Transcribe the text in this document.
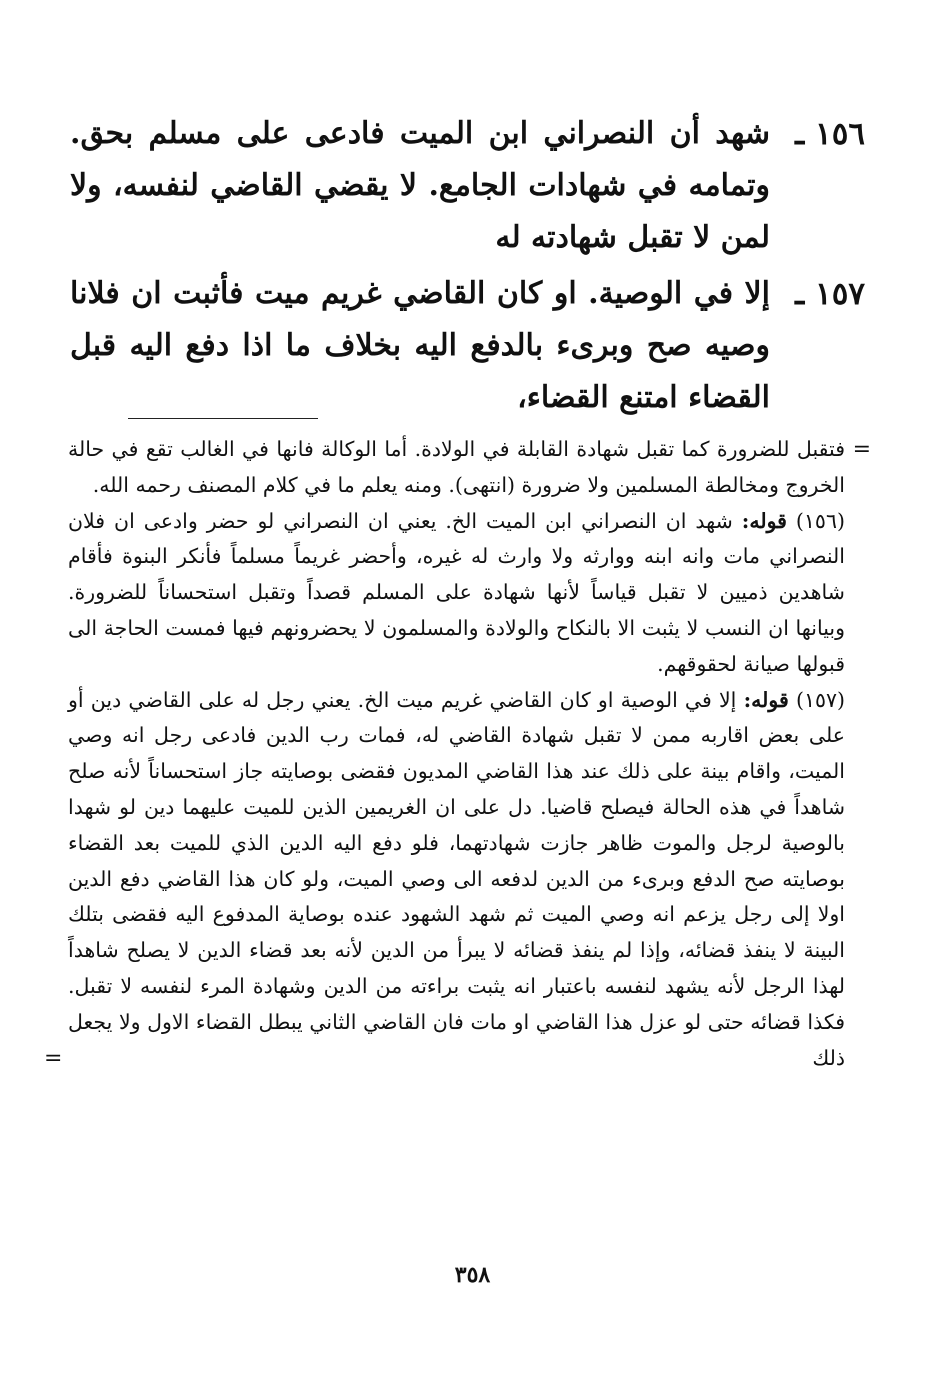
١٥٦ ـ

شهد أن النصراني ابن الميت فادعى على مسلم بحق. وتمامه في شهادات الجامع. لا يقضي القاضي لنفسه، ولا لمن لا تقبل شهادته له

١٥٧ ـ

إلا في الوصية. او كان القاضي غريم ميت فأثبت ان فلانا وصيه صح وبرىء بالدفع اليه بخلاف ما اذا دفع اليه قبل القضاء امتنع القضاء،

=
فتقبل للضرورة كما تقبل شهادة القابلة في الولادة. أما الوكالة فانها في الغالب تقع في حالة الخروج ومخالطة المسلمين ولا ضرورة (انتهى). ومنه يعلم ما في كلام المصنف رحمه الله.

(١٥٦) قوله: شهد ان النصراني ابن الميت الخ. يعني ان النصراني لو حضر وادعى ان فلان النصراني مات وانه ابنه ووارثه ولا وارث له غيره، وأحضر غريماً مسلماً فأنكر البنوة فأقام شاهدين ذميين لا تقبل قياساً لأنها شهادة على المسلم قصداً وتقبل استحساناً للضرورة. وبيانها ان النسب لا يثبت الا بالنكاح والولادة والمسلمون لا يحضرونهم فيها فمست الحاجة الى قبولها صيانة لحقوقهم.

(١٥٧) قوله: إلا في الوصية او كان القاضي غريم ميت الخ. يعني رجل له على القاضي دين أو على بعض اقاربه ممن لا تقبل شهادة القاضي له، فمات رب الدين فادعى رجل انه وصي الميت، واقام بينة على ذلك عند هذا القاضي المديون فقضى بوصايته جاز استحساناً لأنه صلح شاهداً في هذه الحالة فيصلح قاضيا. دل على ان الغريمين الذين للميت عليهما دين لو شهدا بالوصية لرجل والموت ظاهر جازت شهادتهما، فلو دفع اليه الدين الذي للميت بعد القضاء بوصايته صح الدفع وبرىء من الدين لدفعه الى وصي الميت، ولو كان هذا القاضي دفع الدين اولا إلى رجل يزعم انه وصي الميت ثم شهد الشهود عنده بوصاية المدفوع اليه فقضى بتلك البينة لا ينفذ قضائه، وإذا لم ينفذ قضائه لا يبرأ من الدين لأنه بعد قضاء الدين لا يصلح شاهداً لهذا الرجل لأنه يشهد لنفسه باعتبار انه يثبت براءته من الدين وشهادة المرء لنفسه لا تقبل. فكذا قضائه حتى لو عزل هذا القاضي او مات فان القاضي الثاني يبطل القضاء الاول ولا يجعل ذلك
=

٣٥٨
